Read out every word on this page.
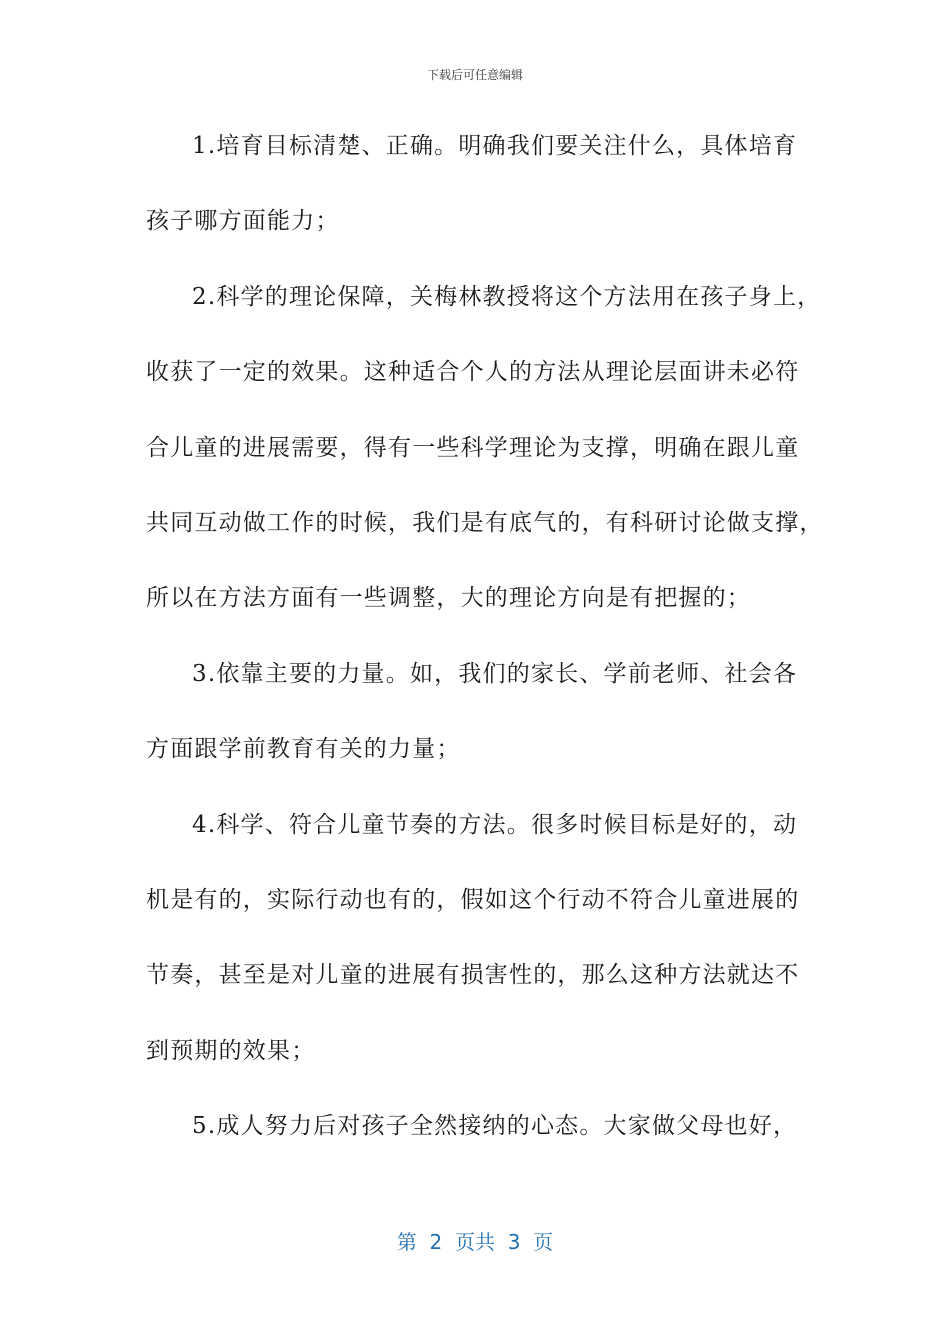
下载后可任意编辑
1.培育目标清楚、正确。明确我们要关注什么，具体培育
孩子哪方面能力；
2.科学的理论保障，关梅林教授将这个方法用在孩子身上，
收获了一定的效果。这种适合个人的方法从理论层面讲未必符
合儿童的进展需要，得有一些科学理论为支撑，明确在跟儿童
共同互动做工作的时候，我们是有底气的，有科研讨论做支撑，
所以在方法方面有一些调整，大的理论方向是有把握的；
3.依靠主要的力量。如，我们的家长、学前老师、社会各
方面跟学前教育有关的力量；
4.科学、符合儿童节奏的方法。很多时候目标是好的，动
机是有的，实际行动也有的，假如这个行动不符合儿童进展的
节奏，甚至是对儿童的进展有损害性的，那么这种方法就达不
到预期的效果；
5.成人努力后对孩子全然接纳的心态。大家做父母也好，
第  2  页共  3  页
